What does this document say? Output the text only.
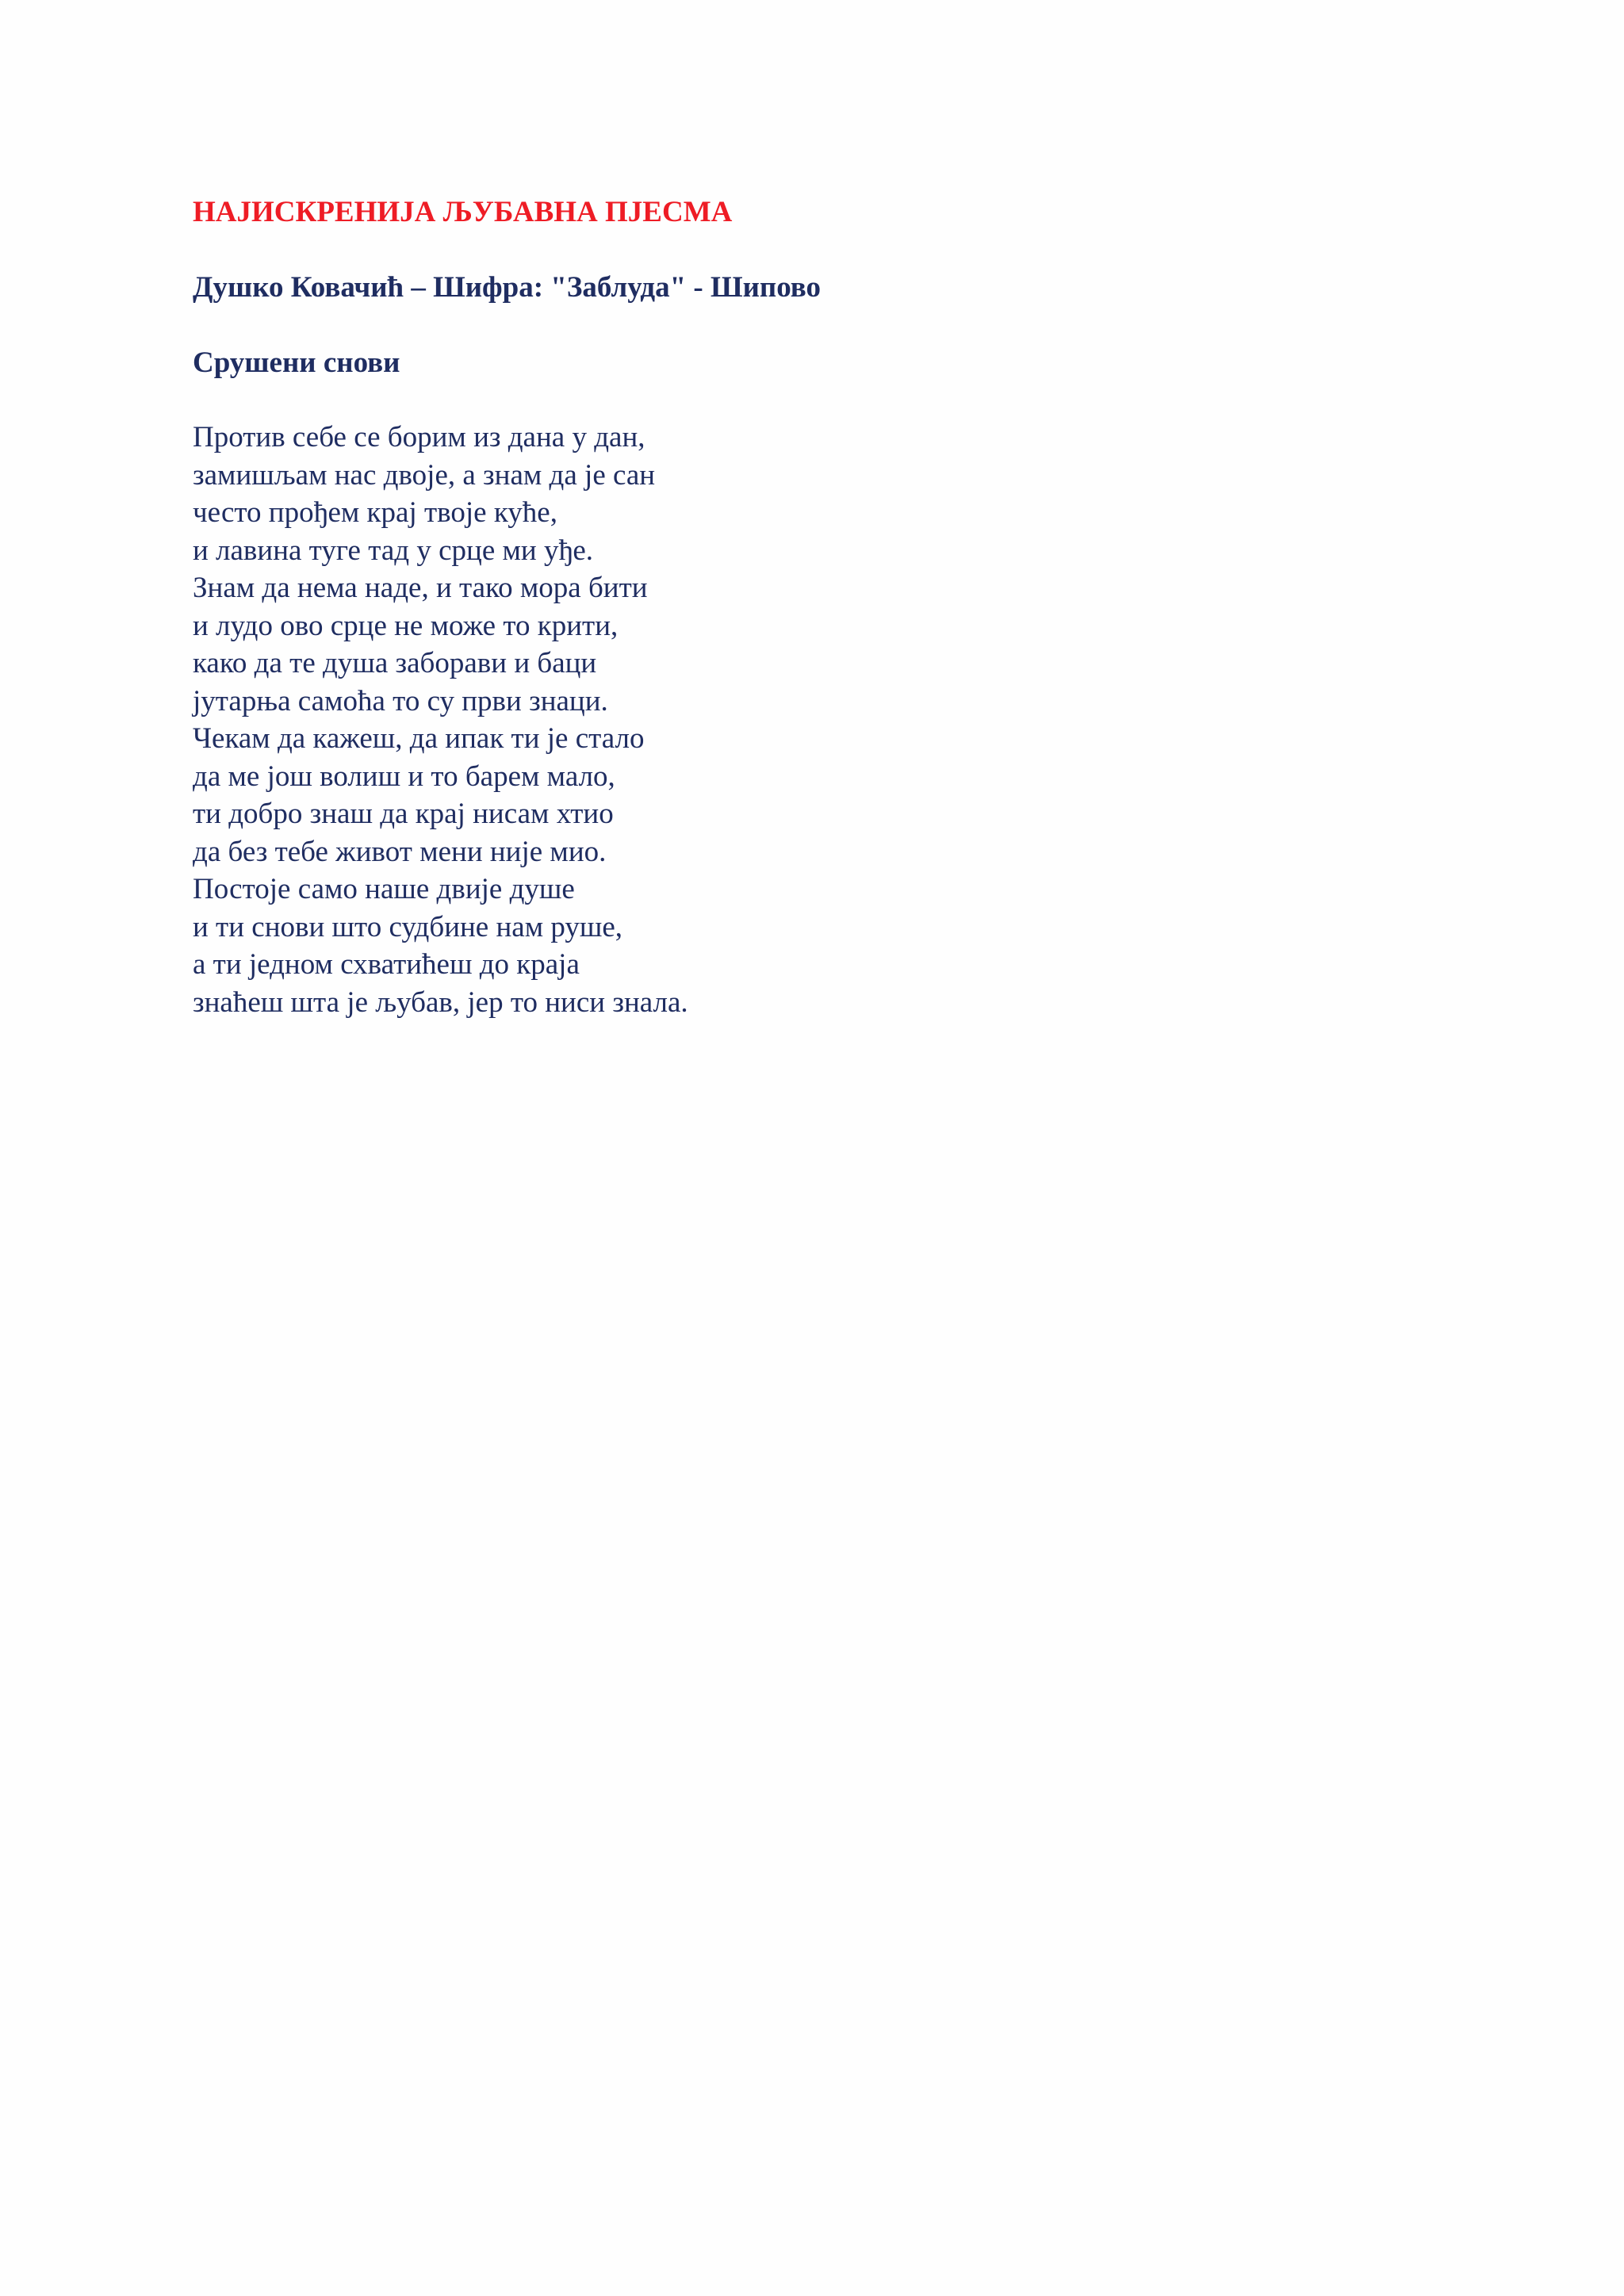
НАЈИСКРЕНИЈА ЉУБАВНА ПЈЕСМА
Душко Ковачић – Шифра: "Заблуда" - Шипово
Срушени снови
Против себе се борим из дана у дан,
замишљам нас двоје, а знам да је сан
често прођем крај твоје куће,
и лавина туге тад у срце ми уђе.
Знам да нема наде, и тако мора бити
и лудо ово срце не може то крити,
како да те душа заборави и баци
јутарња самоћа то су први знаци.
Чекам да кажеш, да ипак ти је стало
да ме још волиш и то барем мало,
ти добро знаш да крај нисам хтио
да без тебе живот мени није мио.
Постоје само наше двије душе
и ти снови што судбине нам руше,
а ти једном схватићеш до краја
знаћеш шта је љубав, јер то ниси знала.
